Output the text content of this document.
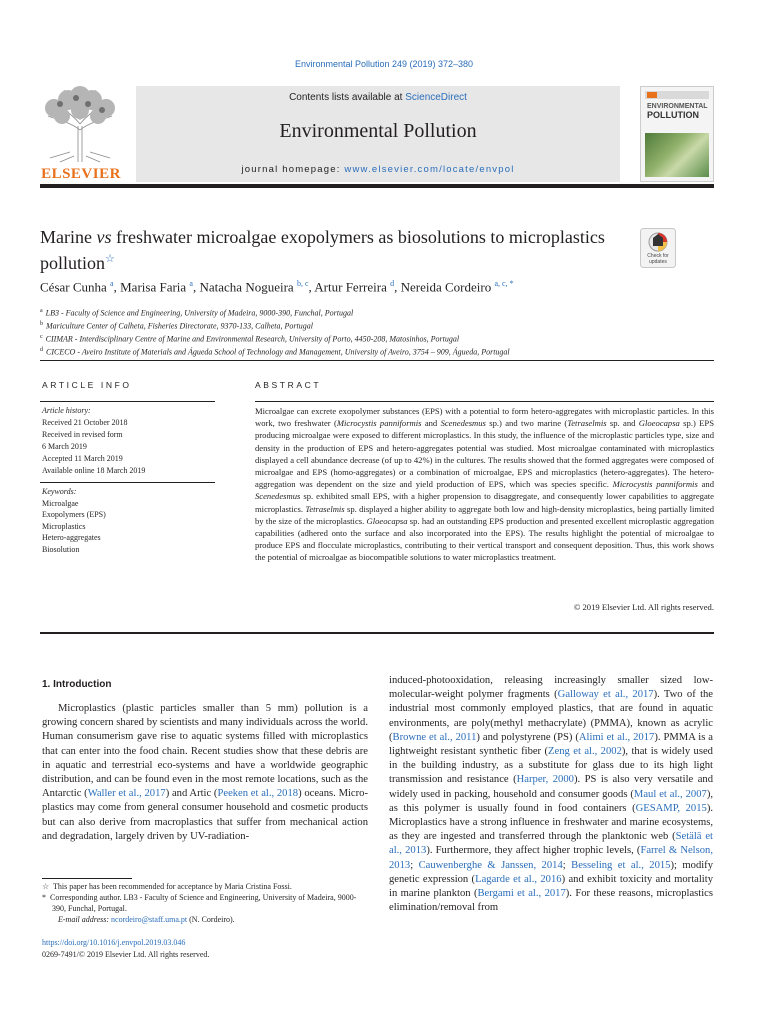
Environmental Pollution 249 (2019) 372–380
ELSEVIER
Contents lists available at ScienceDirect
Environmental Pollution
journal homepage: www.elsevier.com/locate/envpol
ENVIRONMENTAL
POLLUTION
Marine vs freshwater microalgae exopolymers as biosolutions to microplastics pollution☆	Check for updates
César Cunha $^a$, Marisa Faria $^a$, Natacha Nogueira $^{b, c}$, Artur Ferreira $^d$, Nereida Cordeiro $^{a, c, *}$
$^a$ LB3 - Faculty of Science and Engineering, University of Madeira, 9000-390, Funchal, Portugal
$^b$ Mariculture Center of Calheta, Fisheries Directorate, 9370-133, Calheta, Portugal
$^c$ CIIMAR - Interdisciplinary Centre of Marine and Environmental Research, University of Porto, 4450-208, Matosinhos, Portugal
$^d$ CICECO - Aveiro Institute of Materials and Águeda School of Technology and Management, University of Aveiro, 3754 – 909, Águeda, Portugal
ARTICLE INFO	ABSTRACT
Article history:
Received 21 October 2018
Received in revised form
6 March 2019
Accepted 11 March 2019
Available online 18 March 2019
Keywords:
Microalgae
Exopolymers (EPS)
Microplastics
Hetero-aggregates
Biosolution
Microalgae can excrete exopolymer substances (EPS) with a potential to form hetero-aggregates with microplastic particles. In this work, two freshwater (Microcystis panniformis and Scenedesmus sp.) and two marine (Tetraselmis sp. and Gloeocapsa sp.) EPS producing microalgae were exposed to different microplastics. In this study, the influence of the microplastic particles type, size and density in the production of EPS and hetero-aggregates potential was studied. Most microalgae contaminated with microplastics displayed a cell abundance decrease (of up to 42%) in the cultures. The results showed that the formed aggregates were composed of microalgae and EPS (homo-aggregates) or a combination of microalgae, EPS and microplastics (hetero-aggregates). The hetero-aggregation was dependent on the size and yield production of EPS, which was species specific. Microcystis panniformis and Scenedesmus sp. exhibited small EPS, with a higher propension to disaggregate, and consequently lower capabilities to aggregate microplastics. Tetraselmis sp. displayed a higher ability to aggregate both low and high-density microplastics, being partially limited by the size of the microplastics. Gloeocapsa sp. had an outstanding EPS production and presented excellent microplastic aggregation capabilities (adhered onto the surface and also incorporated into the EPS). The results highlight the potential of microalgae to produce EPS and flocculate microplastics, contributing to their vertical transport and consequent deposition. Thus, this work shows the potential of microalgae as biocompatible solutions to water microplastics treatment.
© 2019 Elsevier Ltd. All rights reserved.
1. Introduction
Microplastics (plastic particles smaller than 5 mm) pollution is a growing concern shared by scientists and many individuals across the world. Human consumerism gave rise to aquatic systems filled with microplastics that can enter into the food chain. Recent studies show that these debris are in aquatic and terrestrial eco-systems and have a worldwide geographic distribution, and can be found even in the most remote locations, such as the Antarctic (Waller et al., 2017) and Artic (Peeken et al., 2018) oceans. Micro-plastics may come from general consumer household and cosmetic products but can also derive from macroplastics that suffer from mechanical action and degradation, largely driven by UV-radiation-
induced-photooxidation, releasing increasingly smaller sized low-molecular-weight polymer fragments (Galloway et al., 2017). Two of the industrial most commonly employed plastics, that are found in aquatic environments, are poly(methyl methacrylate) (PMMA), known as acrylic (Browne et al., 2011) and polystyrene (PS) (Alimi et al., 2017). PMMA is a lightweight resistant synthetic fiber (Zeng et al., 2002), that is widely used in the building industry, as a substitute for glass due to its high light transmission and resistance (Harper, 2000). PS is also very versatile and widely used in packing, household and consumer goods (Maul et al., 2007), as this polymer is usually found in food containers (GESAMP, 2015). Microplastics have a strong influence in freshwater and marine ecosystems, as they are ingested and transferred through the planktonic web (Setälä et al., 2013). Furthermore, they affect higher trophic levels, (Farrel & Nelson, 2013; Cauwenberghe & Janssen, 2014; Besseling et al., 2015); modify genetic expression (Lagarde et al., 2016) and exhibit toxicity and mortality in marine plankton (Bergami et al., 2017). For these reasons, microplastics elimination/removal from
☆ This paper has been recommended for acceptance by Maria Cristina Fossi.
* Corresponding author. LB3 - Faculty of Science and Engineering, University of Madeira, 9000-390, Funchal, Portugal.
E-mail address: ncordeiro@staff.uma.pt (N. Cordeiro).
https://doi.org/10.1016/j.envpol.2019.03.046
0269-7491/© 2019 Elsevier Ltd. All rights reserved.
